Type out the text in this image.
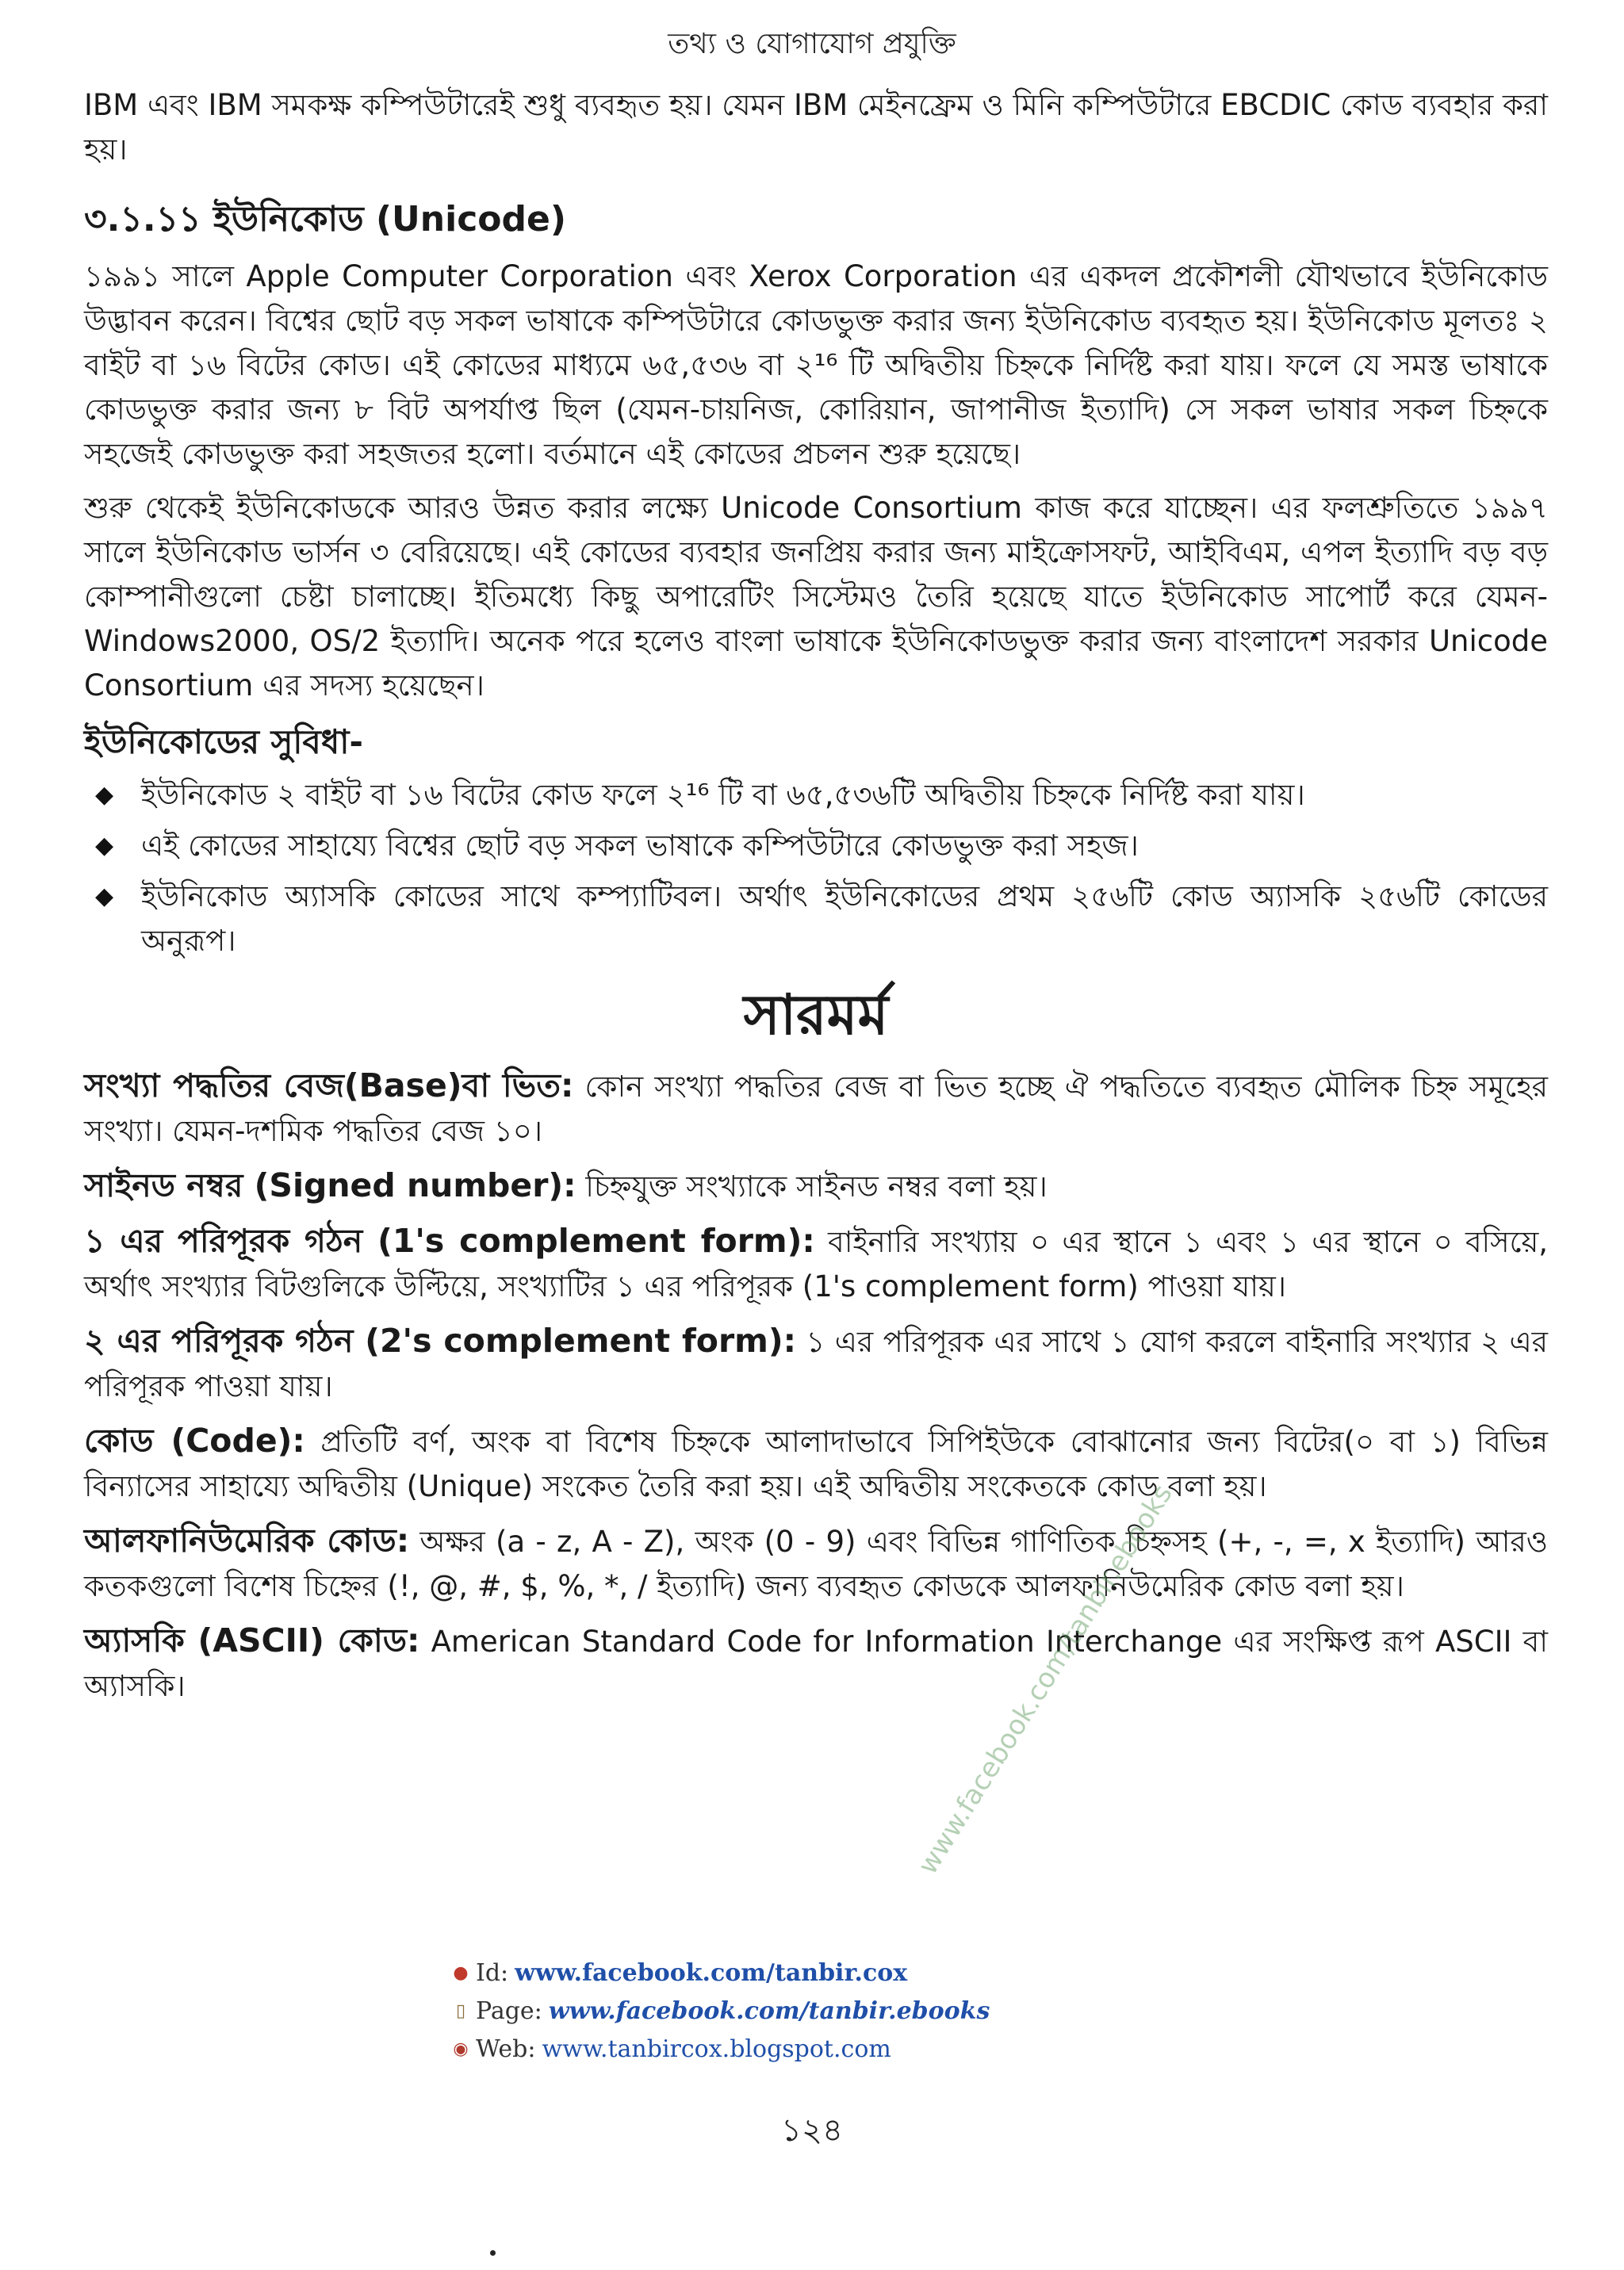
তথ্য ও যোগাযোগ প্রযুক্তি

IBM এবং IBM সমকক্ষ কম্পিউটারেই শুধু ব্যবহৃত হয়। যেমন IBM মেইনফ্রেম ও মিনি কম্পিউটারে EBCDIC কোড ব্যবহার করা হয়।

৩.১.১১ ইউনিকোড (Unicode)

১৯৯১ সালে Apple Computer Corporation এবং Xerox Corporation এর একদল প্রকৌশলী যৌথভাবে ইউনিকোড উদ্ভাবন করেন। বিশ্বের ছোট বড় সকল ভাষাকে কম্পিউটারে কোডভুক্ত করার জন্য ইউনিকোড ব্যবহৃত হয়। ইউনিকোড মূলতঃ ২ বাইট বা ১৬ বিটের কোড। এই কোডের মাধ্যমে ৬৫,৫৩৬ বা ২¹⁶ টি অদ্বিতীয় চিহ্নকে নির্দিষ্ট করা যায়। ফলে যে সমস্ত ভাষাকে কোডভুক্ত করার জন্য ৮ বিট অপর্যাপ্ত ছিল (যেমন-চায়নিজ, কোরিয়ান, জাপানীজ ইত্যাদি) সে সকল ভাষার সকল চিহ্নকে সহজেই কোডভুক্ত করা সহজতর হলো। বর্তমানে এই কোডের প্রচলন শুরু হয়েছে।

শুরু থেকেই ইউনিকোডকে আরও উন্নত করার লক্ষ্যে Unicode Consortium কাজ করে যাচ্ছেন। এর ফলশ্রুতিতে ১৯৯৭ সালে ইউনিকোড ভার্সন ৩ বেরিয়েছে। এই কোডের ব্যবহার জনপ্রিয় করার জন্য মাইক্রোসফট, আইবিএম, এপল ইত্যাদি বড় বড় কোম্পানীগুলো চেষ্টা চালাচ্ছে। ইতিমধ্যে কিছু অপারেটিং সিস্টেমও তৈরি হয়েছে যাতে ইউনিকোড সাপোর্ট করে যেমন- Windows2000, OS/2 ইত্যাদি। অনেক পরে হলেও বাংলা ভাষাকে ইউনিকোডভুক্ত করার জন্য বাংলাদেশ সরকার Unicode Consortium এর সদস্য হয়েছেন।

ইউনিকোডের সুবিধা-
◆ ইউনিকোড ২ বাইট বা ১৬ বিটের কোড ফলে ২¹⁶ টি বা ৬৫,৫৩৬টি অদ্বিতীয় চিহ্নকে নির্দিষ্ট করা যায়।
◆ এই কোডের সাহায্যে বিশ্বের ছোট বড় সকল ভাষাকে কম্পিউটারে কোডভুক্ত করা সহজ।
◆ ইউনিকোড অ্যাসকি কোডের সাথে কম্প্যাটিবল। অর্থাৎ ইউনিকোডের প্রথম ২৫৬টি কোড অ্যাসকি ২৫৬টি কোডের অনুরূপ।
সারমর্ম

সংখ্যা পদ্ধতির বেজ(Base)বা ভিত: কোন সংখ্যা পদ্ধতির বেজ বা ভিত হচ্ছে ঐ পদ্ধতিতে ব্যবহৃত মৌলিক চিহ্ন সমূহের সংখ্যা। যেমন-দশমিক পদ্ধতির বেজ ১০।

সাইনড নম্বর (Signed number): চিহ্নযুক্ত সংখ্যাকে সাইনড নম্বর বলা হয়।

১ এর পরিপূরক গঠন (1's complement form): বাইনারি সংখ্যায় ০ এর স্থানে ১ এবং ১ এর স্থানে ০ বসিয়ে, অর্থাৎ সংখ্যার বিটগুলিকে উল্টিয়ে, সংখ্যাটির ১ এর পরিপূরক (1's complement form) পাওয়া যায়।

২ এর পরিপূরক গঠন (2's complement form): ১ এর পরিপূরক এর সাথে ১ যোগ করলে বাইনারি সংখ্যার ২ এর পরিপূরক পাওয়া যায়।

কোড (Code): প্রতিটি বর্ণ, অংক বা বিশেষ চিহ্নকে আলাদাভাবে সিপিইউকে বোঝানোর জন্য বিটের(০ বা ১) বিভিন্ন বিন্যাসের সাহায্যে অদ্বিতীয় (Unique) সংকেত তৈরি করা হয়। এই অদ্বিতীয় সংকেতকে কোড বলা হয়।

আলফানিউমেরিক কোড: অক্ষর (a - z, A - Z), অংক (0 - 9) এবং বিভিন্ন গাণিতিক চিহ্নসহ (+, -, =, x ইত্যাদি) আরও কতকগুলো বিশেষ চিহ্নের (!, @, #, $, %, *, / ইত্যাদি) জন্য ব্যবহৃত কোডকে আলফানিউমেরিক কোড বলা হয়।

অ্যাসকি (ASCII) কোড: American Standard Code for Information Interchange এর সংক্ষিপ্ত রূপ ASCII বা অ্যাসকি।

● Id: www.facebook.com/tanbir.cox
▯ Page: www.facebook.com/tanbir.ebooks
◉ Web: www.tanbircox.blogspot.com
www.facebook.com/tanbir.ebooks
১২৪
